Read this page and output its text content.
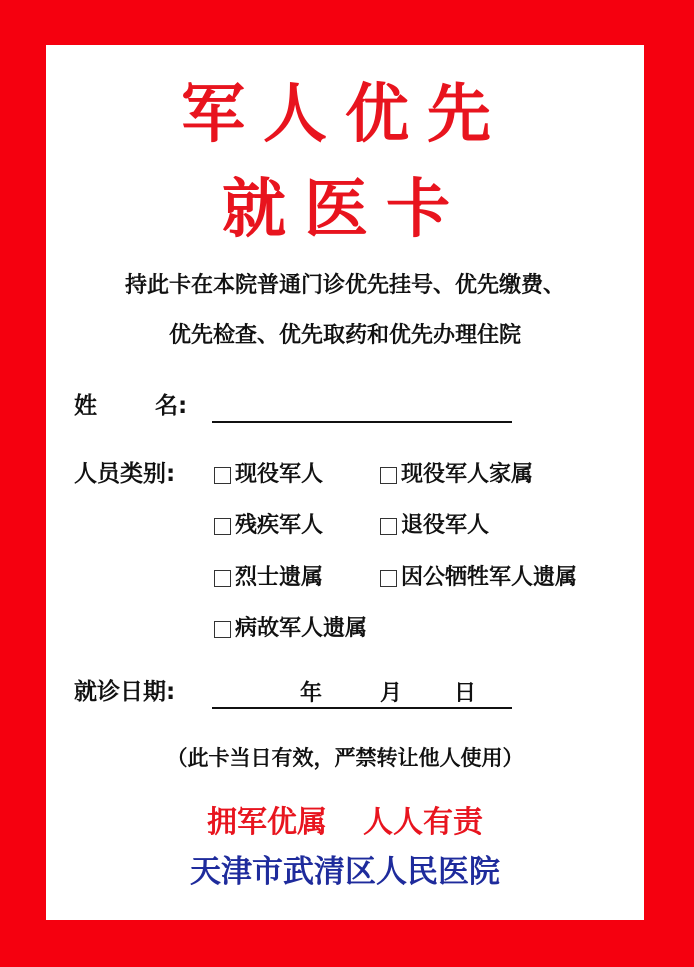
军人优先
就医卡
持此卡在本院普通门诊优先挂号、优先缴费、
优先检查、优先取药和优先办理住院
姓	名:
人员类别:	现役军人	现役军人家属
残疾军人	退役军人
烈士遗属	因公牺牲军人遗属
病故军人遗属
就诊日期:	年	月 日
（此卡当日有效，严禁转让他人使用）
拥军优属 人人有责
天津市武清区人民医院
